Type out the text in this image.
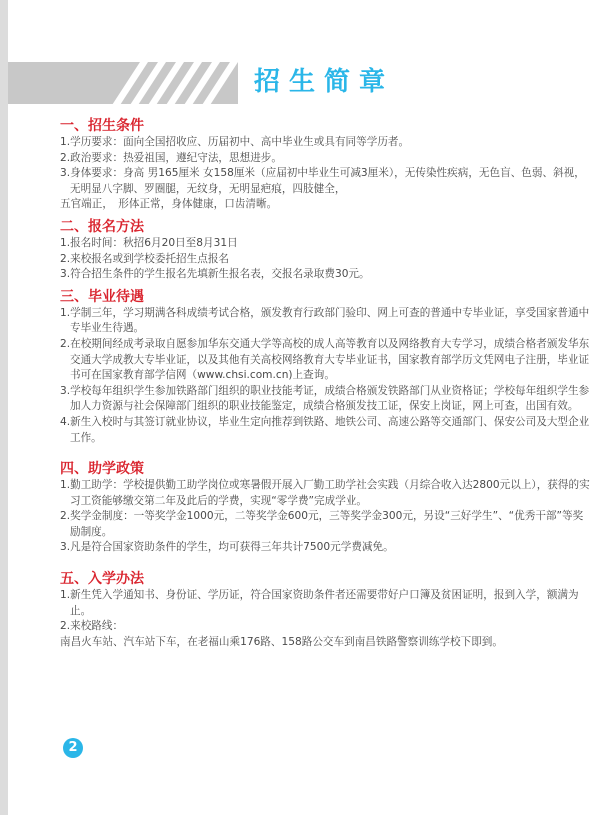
招生简章

一、招生条件

1.学历要求：面向全国招收应、历届初中、高中毕业生或具有同等学历者。

2.政治要求：热爱祖国，遵纪守法，思想进步。

3.身体要求：身高 男165厘米 女158厘米（应届初中毕业生可减3厘米），无传染性疾病，无色盲、色弱、斜视，无明显八字脚、罗圈腿，无纹身，无明显疤痕，四肢健全，

五官端正，　形体正常，身体健康，口齿清晰。

二、报名方法

1.报名时间：秋招6月20日至8月31日

2.来校报名或到学校委托招生点报名

3.符合招生条件的学生报名先填新生报名表，交报名录取费30元。

三、毕业待遇

1.学制三年，学习期满各科成绩考试合格，颁发教育行政部门验印、网上可查的普通中专毕业证，享受国家普通中专毕业生待遇。

2.在校期间经成考录取自愿参加华东交通大学等高校的成人高等教育以及网络教育大专学习，成绩合格者颁发华东交通大学成教大专毕业证，以及其他有关高校网络教育大专毕业证书，国家教育部学历文凭网电子注册，毕业证书可在国家教育部学信网（www.chsi.com.cn)上查询。

3.学校每年组织学生参加铁路部门组织的职业技能考证，成绩合格颁发铁路部门从业资格证；学校每年组织学生参加人力资源与社会保障部门组织的职业技能鉴定，成绩合格颁发技工证，保安上岗证，网上可查，出国有效。

4.新生入校时与其签订就业协议，毕业生定向推荐到铁路、地铁公司、高速公路等交通部门、保安公司及大型企业工作。

四、助学政策

1.勤工助学：学校提供勤工助学岗位或寒暑假开展入厂勤工助学社会实践（月综合收入达2800元以上），获得的实习工资能够缴交第二年及此后的学费，实现“零学费”完成学业。

2.奖学金制度：一等奖学金1000元，二等奖学金600元，三等奖学金300元，另设“三好学生”、“优秀干部”等奖励制度。

3.凡是符合国家资助条件的学生，均可获得三年共计7500元学费减免。

五、入学办法

1.新生凭入学通知书、身份证、学历证，符合国家资助条件者还需要带好户口簿及贫困证明，报到入学，额满为止。

2.来校路线：

南昌火车站、汽车站下车，在老福山乘176路、158路公交车到南昌铁路警察训练学校下即到。

2
